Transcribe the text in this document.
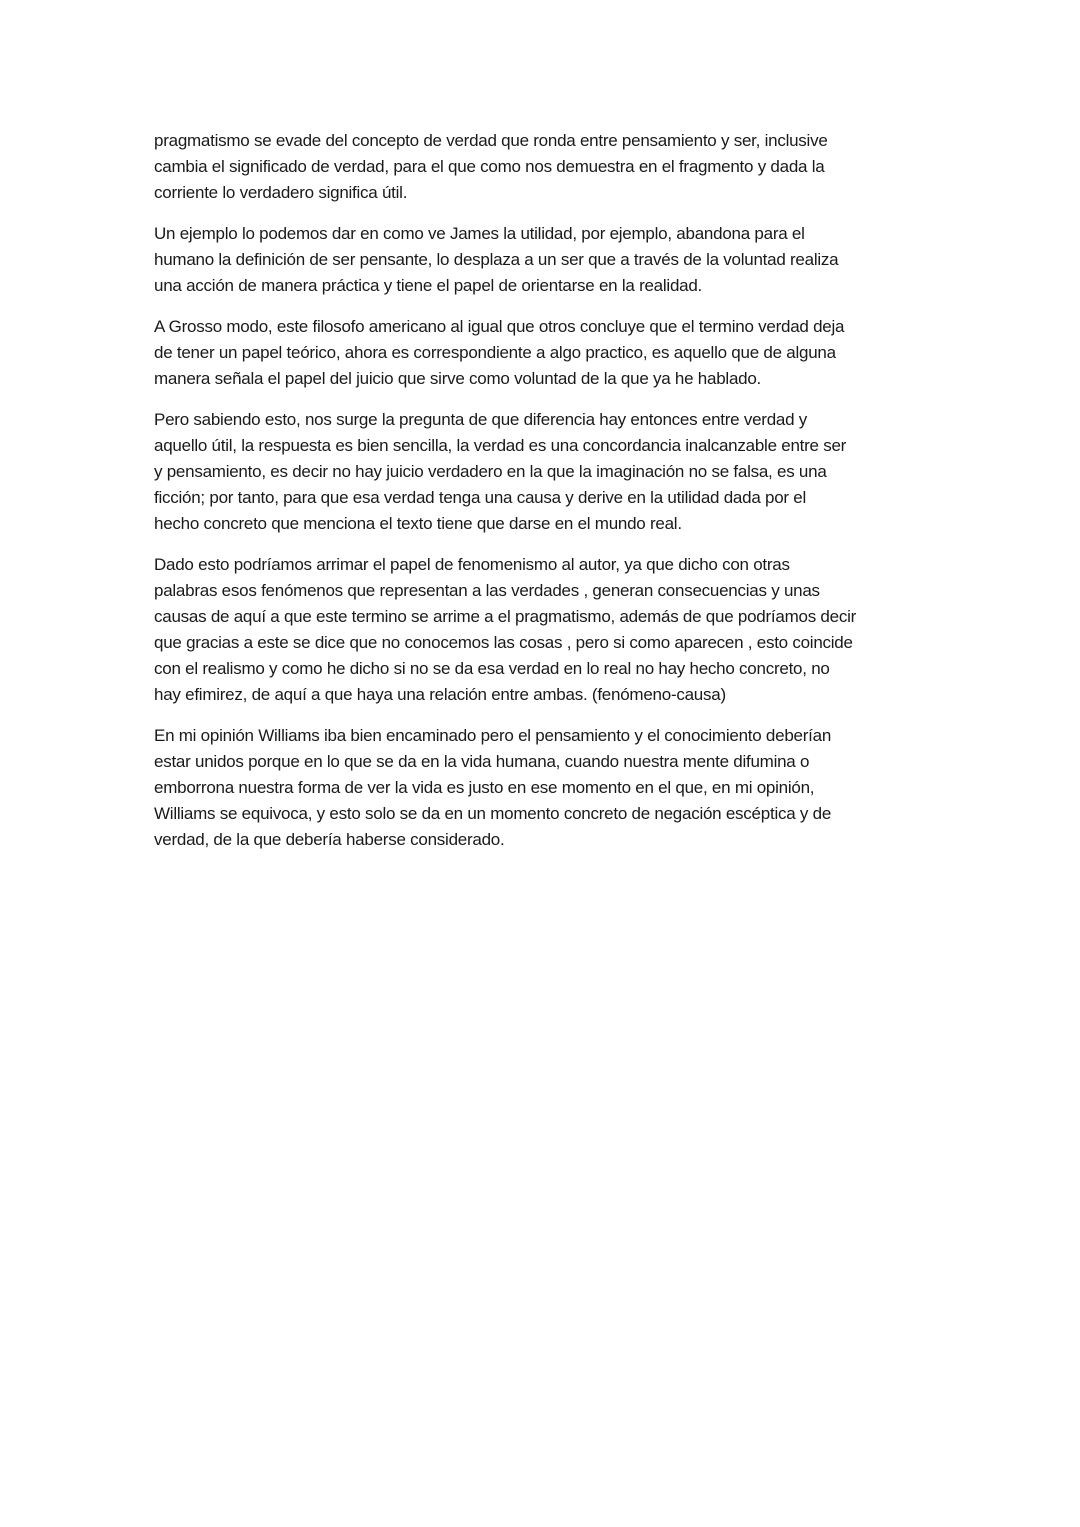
pragmatismo se evade del concepto de verdad que ronda entre pensamiento y ser, inclusive
cambia el significado de verdad, para el que como nos demuestra en el fragmento y dada la
corriente lo verdadero significa útil.

Un ejemplo lo podemos dar en como ve James la utilidad, por ejemplo, abandona para el
humano la definición de ser pensante, lo desplaza a un ser que a través de la voluntad realiza
una acción de manera práctica y tiene el papel de orientarse en la realidad.

A Grosso modo, este filosofo americano al igual que otros concluye que el termino verdad deja
de tener un papel teórico, ahora es correspondiente a algo practico, es aquello que de alguna
manera señala el papel del juicio que sirve como voluntad de la que ya he hablado.

Pero sabiendo esto, nos surge la pregunta de que diferencia hay entonces entre verdad y
aquello útil, la respuesta es bien sencilla, la verdad es una concordancia inalcanzable entre ser
y pensamiento, es decir no hay juicio verdadero en la que la imaginación no se falsa, es una
ficción; por tanto, para que esa verdad tenga una causa y derive en la utilidad dada por el
hecho concreto que menciona el texto tiene que darse en el mundo real.

Dado esto podríamos arrimar el papel de fenomenismo al autor, ya que dicho con otras
palabras esos fenómenos que representan a las verdades , generan consecuencias y unas
causas de aquí a que este termino se arrime a el pragmatismo, además de que podríamos decir
que gracias a este se dice que no conocemos las cosas , pero si como aparecen , esto coincide
con el realismo y como he dicho si no se da esa verdad en lo real no hay hecho concreto, no
hay efimirez, de aquí a que haya una relación entre ambas. (fenómeno-causa)

En mi opinión Williams iba bien encaminado pero el pensamiento y el conocimiento deberían
estar unidos porque en lo que se da en la vida humana, cuando nuestra mente difumina o
emborrona nuestra forma de ver la vida es justo en ese momento en el que, en mi opinión,
Williams se equivoca, y esto solo se da en un momento concreto de negación escéptica y de
verdad, de la que debería haberse considerado.
